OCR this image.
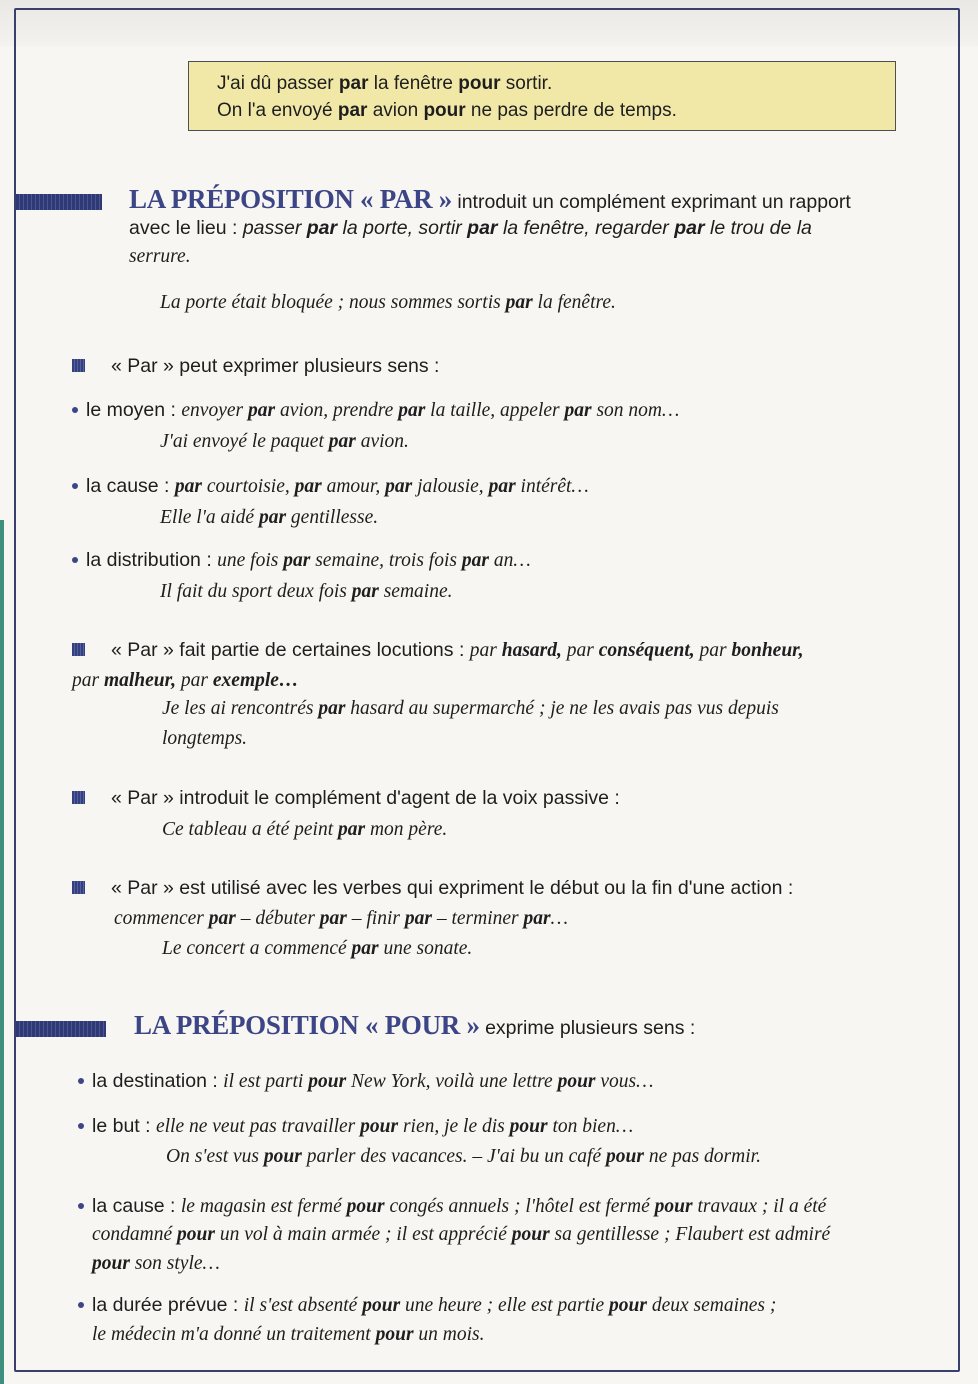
J'ai dû passer par la fenêtre pour sortir.
On l'a envoyé par avion pour ne pas perdre de temps.
LA PRÉPOSITION « PAR » introduit un complément exprimant un rapport
avec le lieu : passer par la porte, sortir par la fenêtre, regarder par le trou de la
serrure.
La porte était bloquée ; nous sommes sortis par la fenêtre.
« Par » peut exprimer plusieurs sens :
le moyen : envoyer par avion, prendre par la taille, appeler par son nom…
J'ai envoyé le paquet par avion.
la cause : par courtoisie, par amour, par jalousie, par intérêt…
Elle l'a aidé par gentillesse.
la distribution : une fois par semaine, trois fois par an…
Il fait du sport deux fois par semaine.
« Par » fait partie de certaines locutions : par hasard, par conséquent, par bonheur,
par malheur, par exemple…
Je les ai rencontrés par hasard au supermarché ; je ne les avais pas vus depuis
longtemps.
« Par » introduit le complément d'agent de la voix passive :
Ce tableau a été peint par mon père.
« Par » est utilisé avec les verbes qui expriment le début ou la fin d'une action :
commencer par – débuter par – finir par – terminer par…
Le concert a commencé par une sonate.
LA PRÉPOSITION « POUR » exprime plusieurs sens :
la destination : il est parti pour New York, voilà une lettre pour vous…
le but : elle ne veut pas travailler pour rien, je le dis pour ton bien…
On s'est vus pour parler des vacances. – J'ai bu un café pour ne pas dormir.
la cause : le magasin est fermé pour congés annuels ; l'hôtel est fermé pour travaux ; il a été
condamné pour un vol à main armée ; il est apprécié pour sa gentillesse ; Flaubert est admiré
pour son style…
la durée prévue : il s'est absenté pour une heure ; elle est partie pour deux semaines ;
le médecin m'a donné un traitement pour un mois.
